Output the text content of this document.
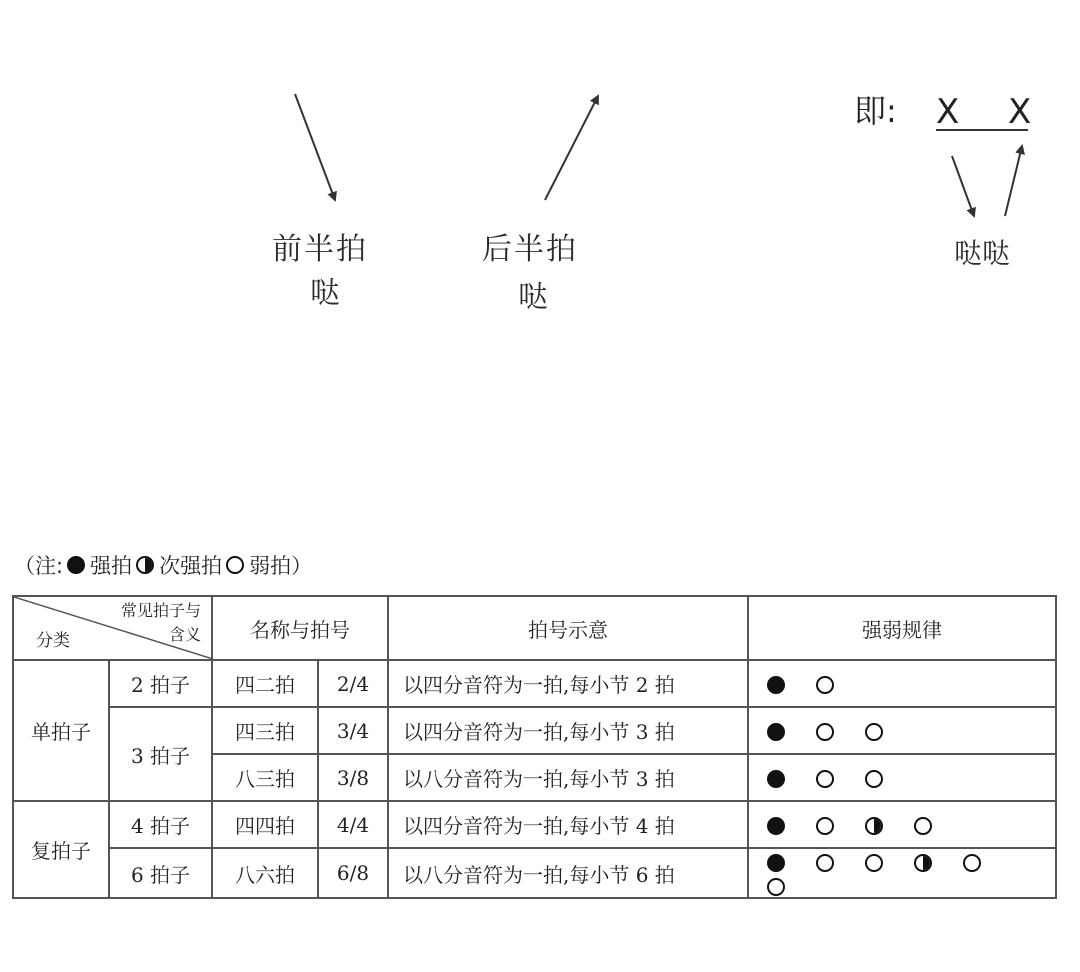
前半拍
哒
后半拍
哒
即: X X
哒哒
（注: 强拍 次强拍 弱拍）
常见拍子与
含义
分类		名称与拍号		拍号示意	强弱规律
单拍子	2 拍子	四二拍	2/4	以四分音符为一拍,每小节 2 拍	
	3 拍子	四三拍	3/4	以四分音符为一拍,每小节 3 拍	
		八三拍	3/8	以八分音符为一拍,每小节 3 拍	
复拍子	4 拍子	四四拍	4/4	以四分音符为一拍,每小节 4 拍	
	6 拍子	八六拍	6/8	以八分音符为一拍,每小节 6 拍	
